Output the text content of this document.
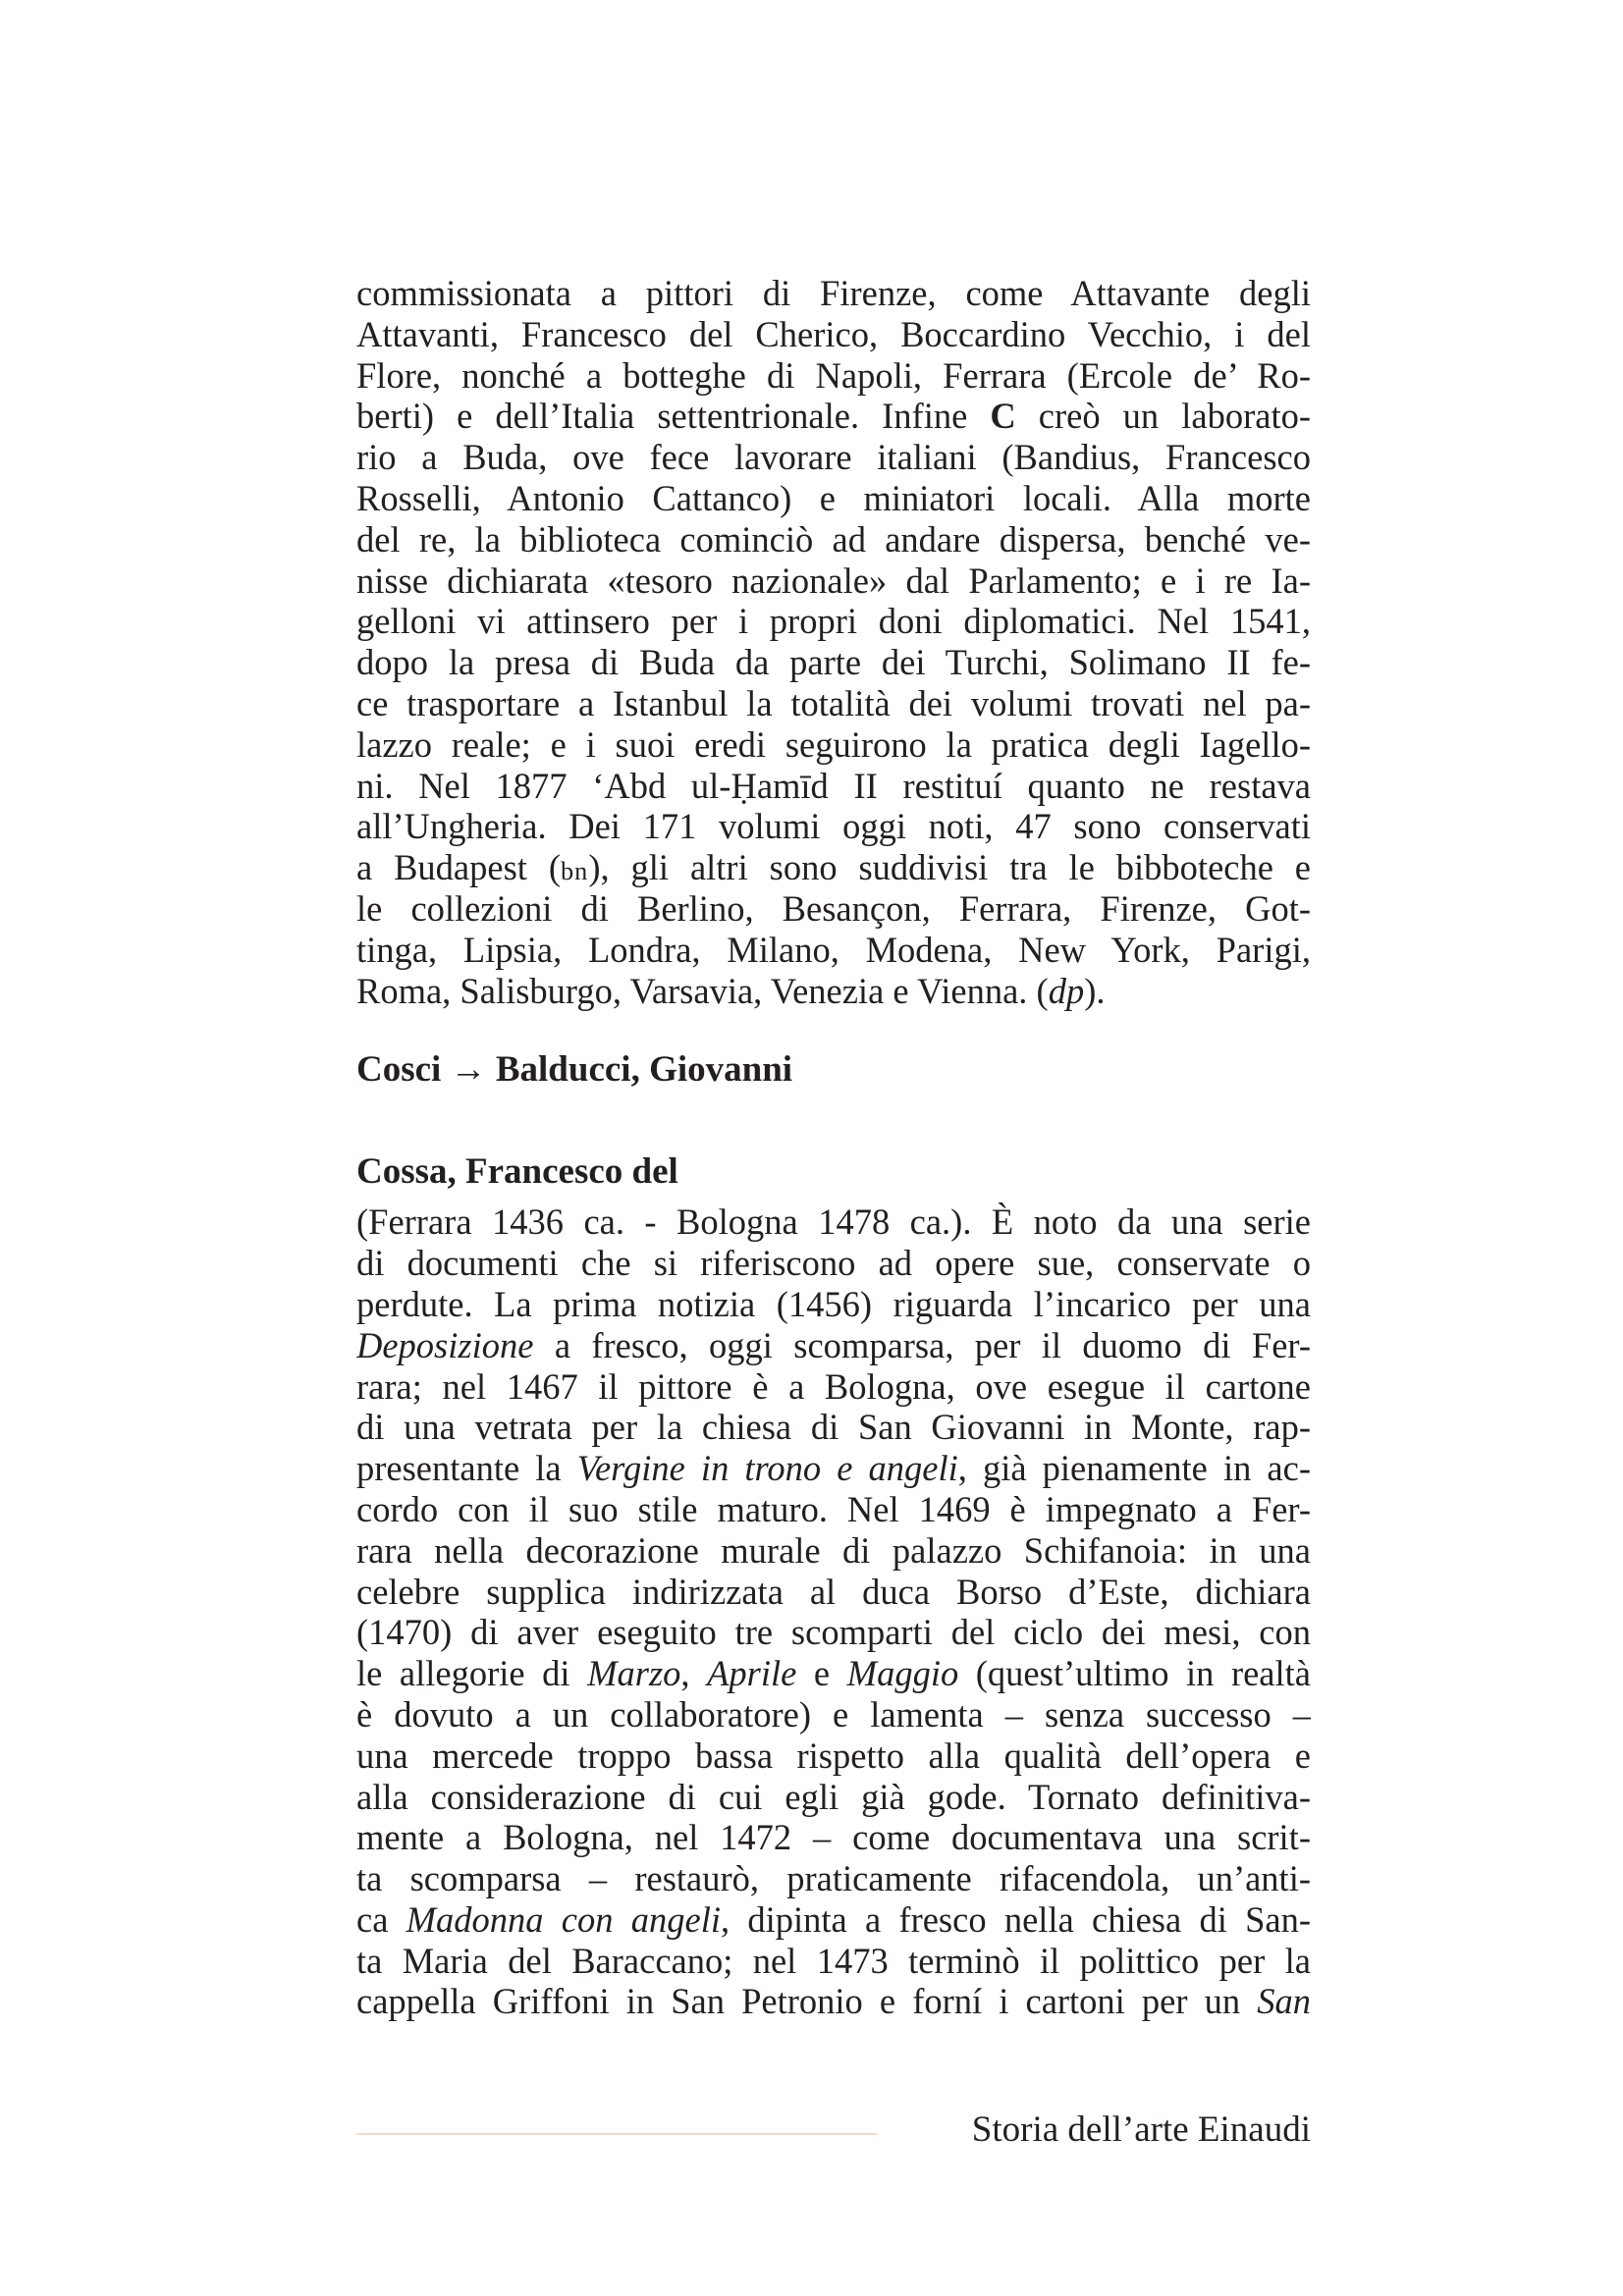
commissionata a pittori di Firenze, come Attavante degli
Attavanti, Francesco del Cherico, Boccardino Vecchio, i del
Flore, nonché a botteghe di Napoli, Ferrara (Ercole de’ Ro-
berti) e dell’Italia settentrionale. Infine C creò un laborato-
rio a Buda, ove fece lavorare italiani (Bandius, Francesco
Rosselli, Antonio Cattanco) e miniatori locali. Alla morte
del re, la biblioteca cominciò ad andare dispersa, benché ve-
nisse dichiarata «tesoro nazionale» dal Parlamento; e i re Ia-
gelloni vi attinsero per i propri doni diplomatici. Nel 1541,
dopo la presa di Buda da parte dei Turchi, Solimano II fe-
ce trasportare a Istanbul la totalità dei volumi trovati nel pa-
lazzo reale; e i suoi eredi seguirono la pratica degli Iagello-
ni. Nel 1877 ‘Abd ul-Ḥamīd II restituí quanto ne restava
all’Ungheria. Dei 171 volumi oggi noti, 47 sono conservati
a Budapest (bn), gli altri sono suddivisi tra le bibboteche e
le collezioni di Berlino, Besançon, Ferrara, Firenze, Got-
tinga, Lipsia, Londra, Milano, Modena, New York, Parigi,
Roma, Salisburgo, Varsavia, Venezia e Vienna. (dp).
Cosci → Balducci, Giovanni
Cossa, Francesco del
(Ferrara 1436 ca. - Bologna 1478 ca.). È noto da una serie
di documenti che si riferiscono ad opere sue, conservate o
perdute. La prima notizia (1456) riguarda l’incarico per una
Deposizione a fresco, oggi scomparsa, per il duomo di Fer-
rara; nel 1467 il pittore è a Bologna, ove esegue il cartone
di una vetrata per la chiesa di San Giovanni in Monte, rap-
presentante la Vergine in trono e angeli, già pienamente in ac-
cordo con il suo stile maturo. Nel 1469 è impegnato a Fer-
rara nella decorazione murale di palazzo Schifanoia: in una
celebre supplica indirizzata al duca Borso d’Este, dichiara
(1470) di aver eseguito tre scomparti del ciclo dei mesi, con
le allegorie di Marzo, Aprile e Maggio (quest’ultimo in realtà
è dovuto a un collaboratore) e lamenta – senza successo –
una mercede troppo bassa rispetto alla qualità dell’opera e
alla considerazione di cui egli già gode. Tornato definitiva-
mente a Bologna, nel 1472 – come documentava una scrit-
ta scomparsa – restaurò, praticamente rifacendola, un’anti-
ca Madonna con angeli, dipinta a fresco nella chiesa di San-
ta Maria del Baraccano; nel 1473 terminò il polittico per la
cappella Griffoni in San Petronio e forní i cartoni per un San
Storia dell’arte Einaudi
